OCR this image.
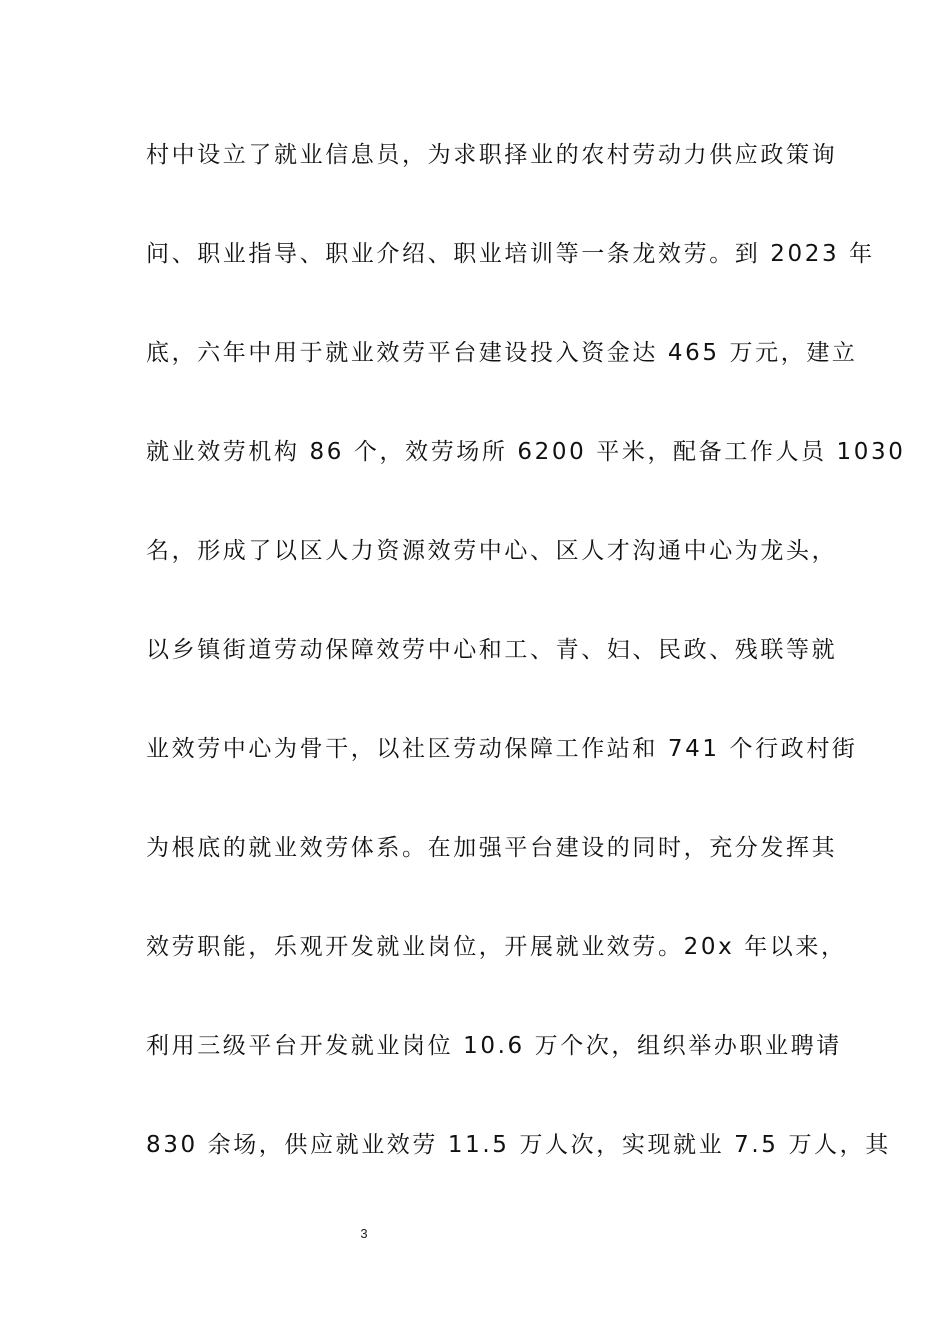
村中设立了就业信息员，为求职择业的农村劳动力供应政策询
问、职业指导、职业介绍、职业培训等一条龙效劳。到 2023 年
底，六年中用于就业效劳平台建设投入资金达 465 万元，建立
就业效劳机构 86 个，效劳场所 6200 平米，配备工作人员 1030
名，形成了以区人力资源效劳中心、区人才沟通中心为龙头，
以乡镇街道劳动保障效劳中心和工、青、妇、民政、残联等就
业效劳中心为骨干，以社区劳动保障工作站和 741 个行政村街
为根底的就业效劳体系。在加强平台建设的同时，充分发挥其
效劳职能，乐观开发就业岗位，开展就业效劳。20x 年以来，
利用三级平台开发就业岗位 10.6 万个次，组织举办职业聘请
830 余场，供应就业效劳 11.5 万人次，实现就业 7.5 万人，其
3
